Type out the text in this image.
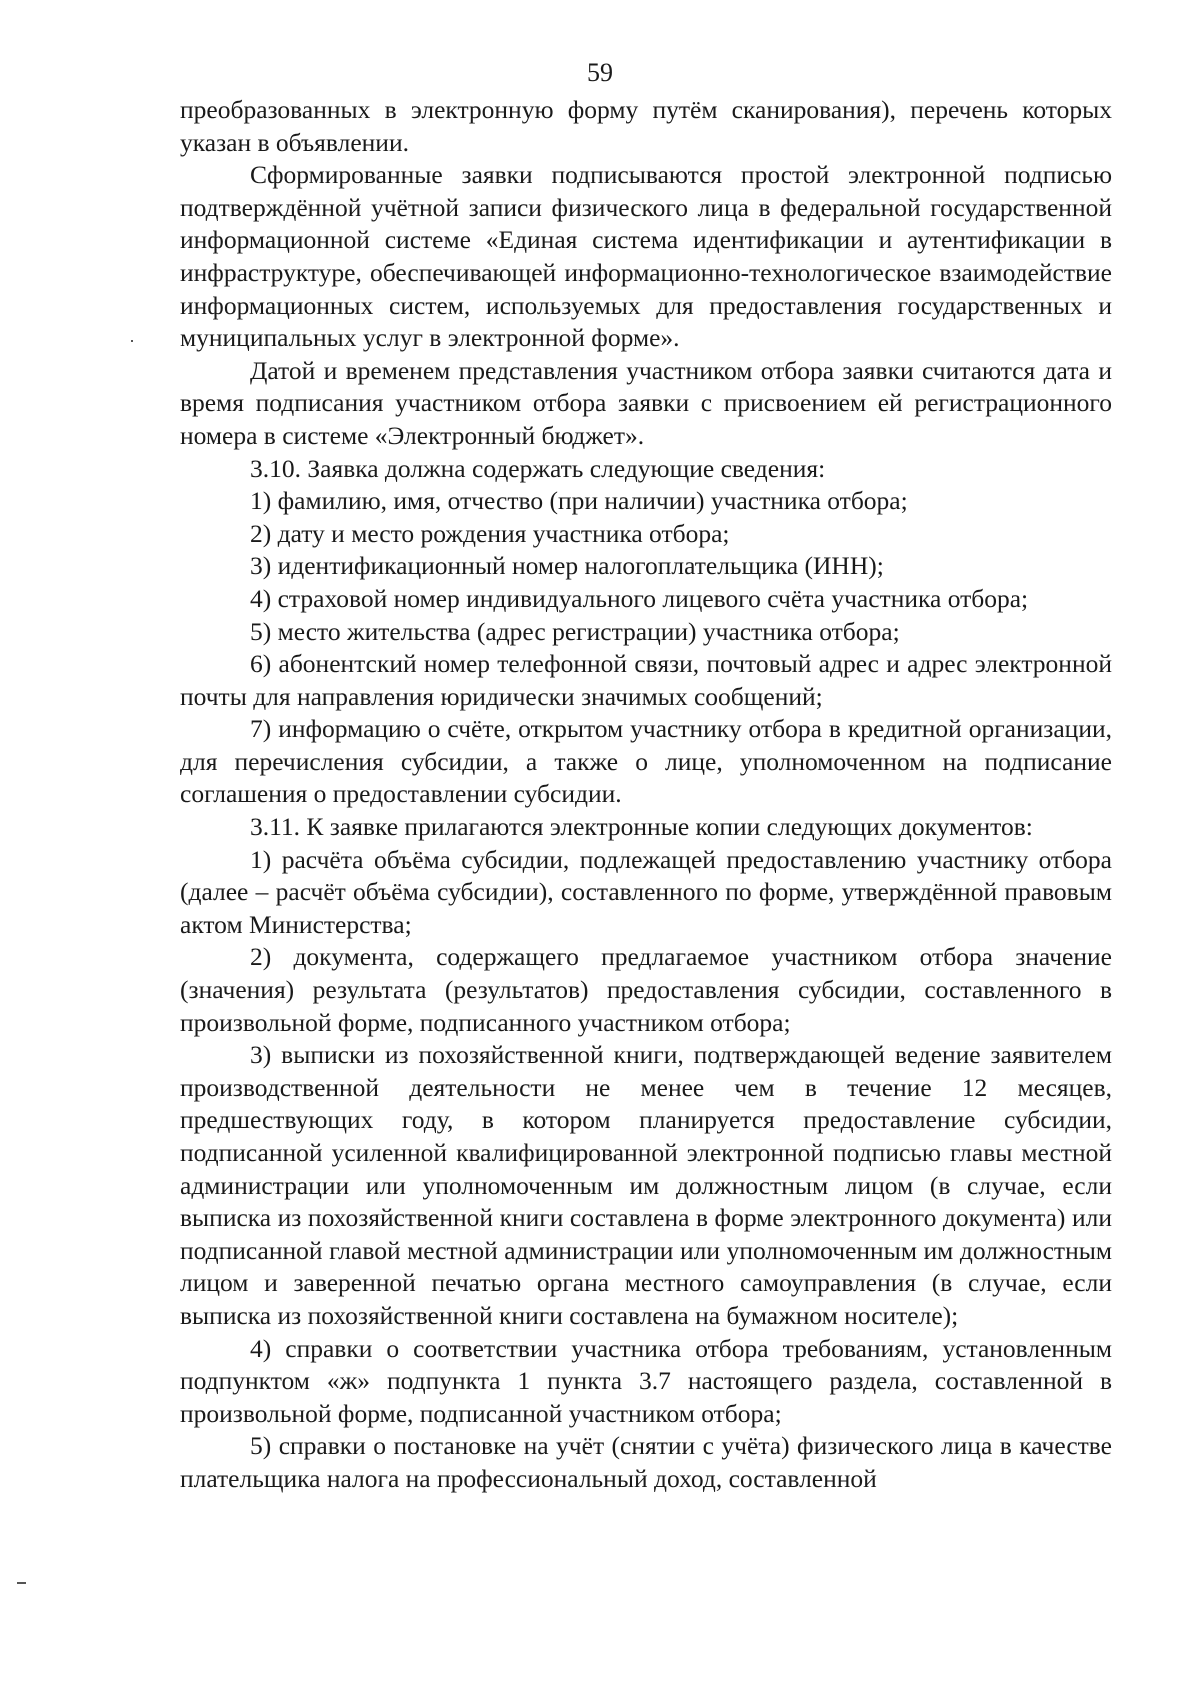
59

преобразованных в электронную форму путём сканирования), перечень которых указан в объявлении.

Сформированные заявки подписываются простой электронной подписью подтверждённой учётной записи физического лица в федеральной государственной информационной системе «Единая система идентификации и аутентификации в инфраструктуре, обеспечивающей информационно-технологическое взаимодействие информационных систем, используемых для предоставления государственных и муниципальных услуг в электронной форме».

Датой и временем представления участником отбора заявки считаются дата и время подписания участником отбора заявки с присвоением ей регистрационного номера в системе «Электронный бюджет».

3.10. Заявка должна содержать следующие сведения:

1) фамилию, имя, отчество (при наличии) участника отбора;

2) дату и место рождения участника отбора;

3) идентификационный номер налогоплательщика (ИНН);

4) страховой номер индивидуального лицевого счёта участника отбора;

5) место жительства (адрес регистрации) участника отбора;

6) абонентский номер телефонной связи, почтовый адрес и адрес электронной почты для направления юридически значимых сообщений;

7) информацию о счёте, открытом участнику отбора в кредитной организации, для перечисления субсидии, а также о лице, уполномоченном на подписание соглашения о предоставлении субсидии.

3.11. К заявке прилагаются электронные копии следующих документов:

1) расчёта объёма субсидии, подлежащей предоставлению участнику отбора (далее – расчёт объёма субсидии), составленного по форме, утверждённой правовым актом Министерства;

2) документа, содержащего предлагаемое участником отбора значение (значения) результата (результатов) предоставления субсидии, составленного в произвольной форме, подписанного участником отбора;

3) выписки из похозяйственной книги, подтверждающей ведение заявителем производственной деятельности не менее чем в течение 12 месяцев, предшествующих году, в котором планируется предоставление субсидии, подписанной усиленной квалифицированной электронной подписью главы местной администрации или уполномоченным им должностным лицом (в случае, если выписка из похозяйственной книги составлена в форме электронного документа) или подписанной главой местной администрации или уполномоченным им должностным лицом и заверенной печатью органа местного самоуправления (в случае, если выписка из похозяйственной книги составлена на бумажном носителе);

4) справки о соответствии участника отбора требованиям, установленным подпунктом «ж» подпункта 1 пункта 3.7 настоящего раздела, составленной в произвольной форме, подписанной участником отбора;

5) справки о постановке на учёт (снятии с учёта) физического лица в качестве плательщика налога на профессиональный доход, составленной
